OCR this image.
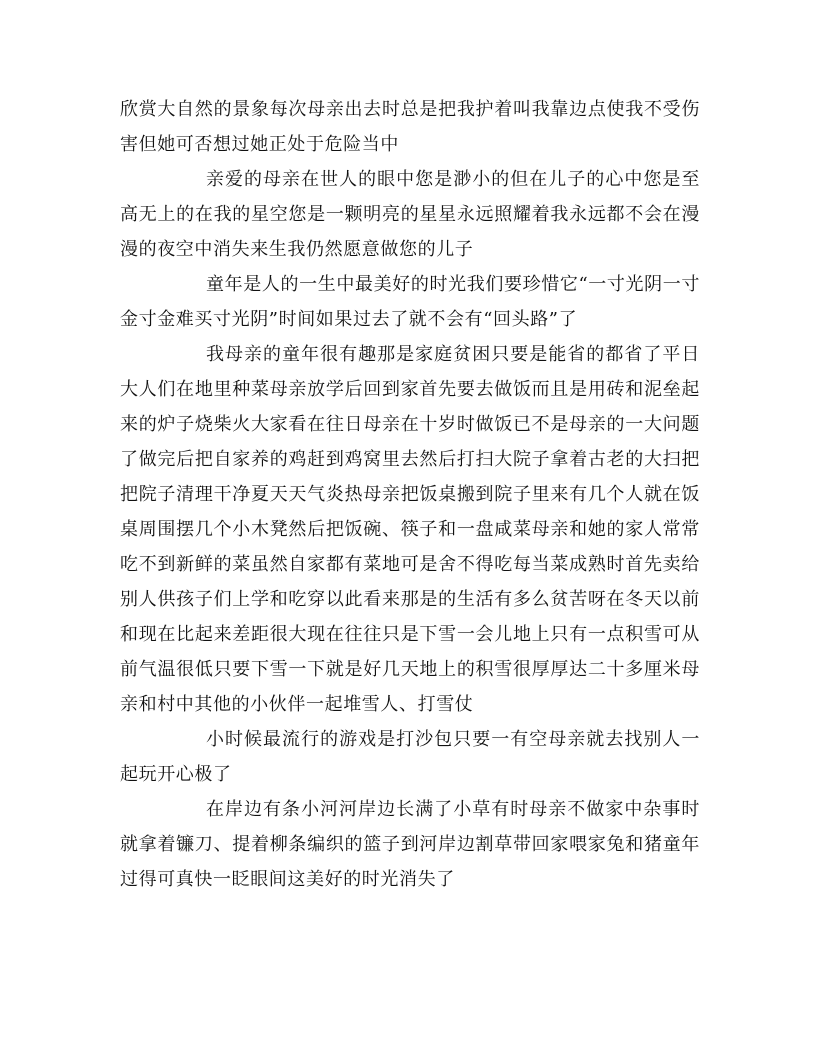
欣赏大自然的景象每次母亲出去时总是把我护着叫我靠边点使我不受伤害但她可否想过她正处于危险当中

亲爱的母亲在世人的眼中您是渺小的但在儿子的心中您是至高无上的在我的星空您是一颗明亮的星星永远照耀着我永远都不会在漫漫的夜空中消失来生我仍然愿意做您的儿子

童年是人的一生中最美好的时光我们要珍惜它“一寸光阴一寸金寸金难买寸光阴”时间如果过去了就不会有“回头路”了

我母亲的童年很有趣那是家庭贫困只要是能省的都省了平日大人们在地里种菜母亲放学后回到家首先要去做饭而且是用砖和泥垒起来的炉子烧柴火大家看在往日母亲在十岁时做饭已不是母亲的一大问题了做完后把自家养的鸡赶到鸡窝里去然后打扫大院子拿着古老的大扫把把院子清理干净夏天天气炎热母亲把饭桌搬到院子里来有几个人就在饭桌周围摆几个小木凳然后把饭碗、筷子和一盘咸菜母亲和她的家人常常吃不到新鲜的菜虽然自家都有菜地可是舍不得吃每当菜成熟时首先卖给别人供孩子们上学和吃穿以此看来那是的生活有多么贫苦呀在冬天以前和现在比起来差距很大现在往往只是下雪一会儿地上只有一点积雪可从前气温很低只要下雪一下就是好几天地上的积雪很厚厚达二十多厘米母亲和村中其他的小伙伴一起堆雪人、打雪仗

小时候最流行的游戏是打沙包只要一有空母亲就去找别人一起玩开心极了

在岸边有条小河河岸边长满了小草有时母亲不做家中杂事时就拿着镰刀、提着柳条编织的篮子到河岸边割草带回家喂家兔和猪童年过得可真快一眨眼间这美好的时光消失了
